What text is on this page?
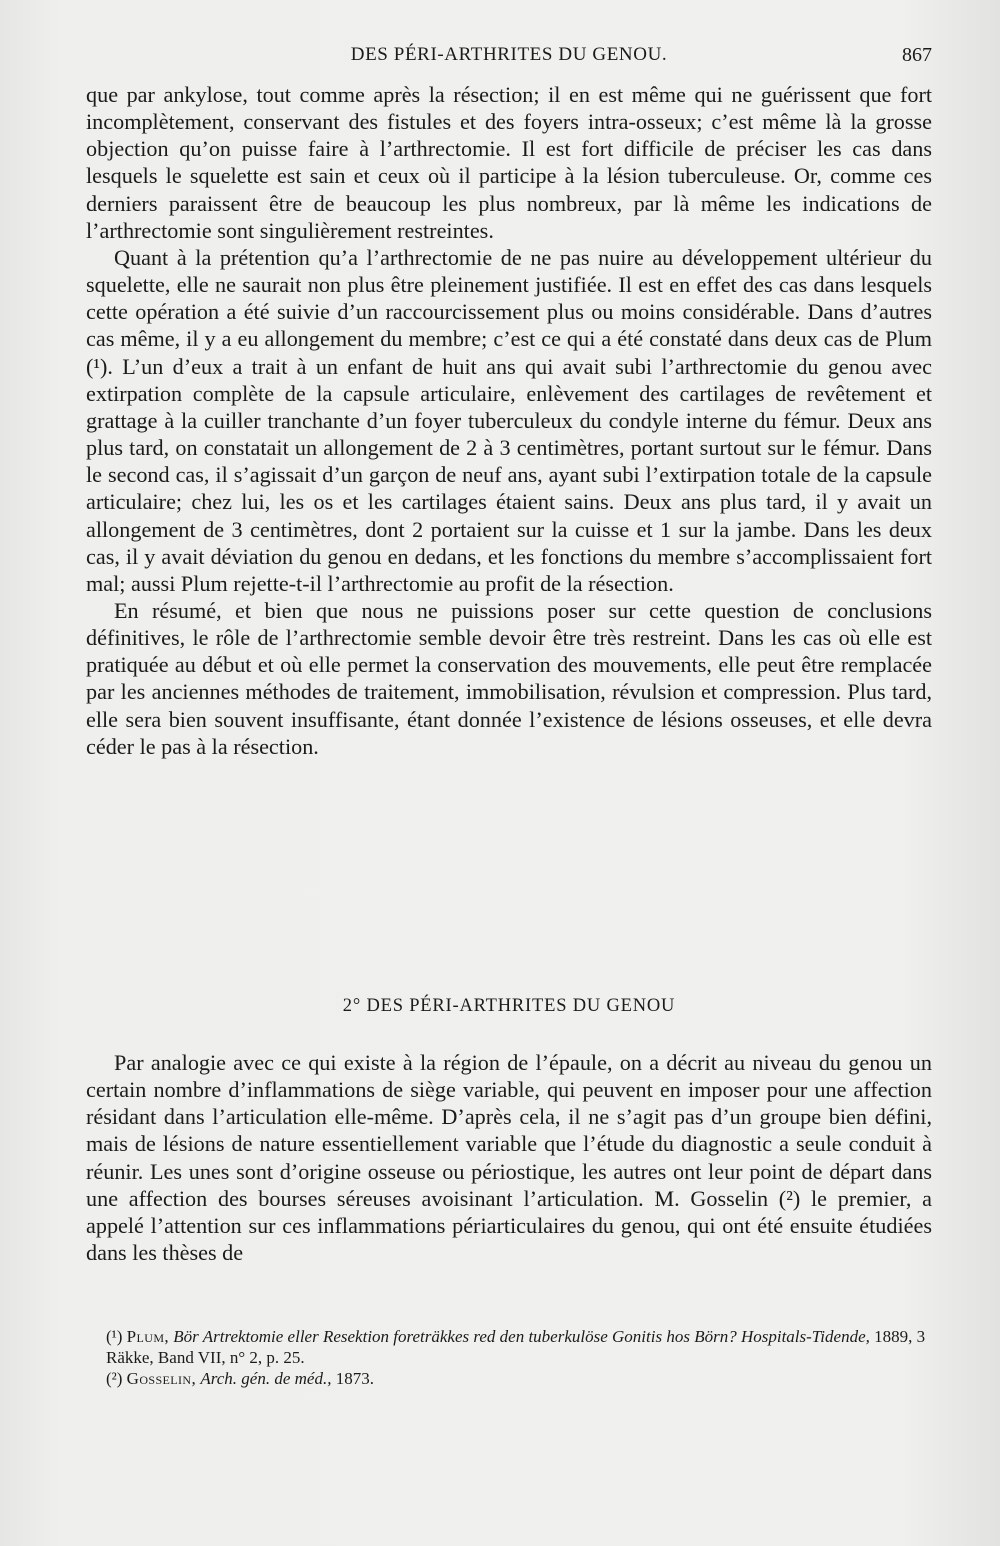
DES PÉRI-ARTHRITES DU GENOU.	867

que par ankylose, tout comme après la résection; il en est même qui ne guérissent que fort incomplètement, conservant des fistules et des foyers intra-osseux; c’est même là la grosse objection qu’on puisse faire à l’arthrectomie. Il est fort difficile de préciser les cas dans lesquels le squelette est sain et ceux où il participe à la lésion tuberculeuse. Or, comme ces derniers paraissent être de beaucoup les plus nombreux, par là même les indications de l’arthrectomie sont singulièrement restreintes.

Quant à la prétention qu’a l’arthrectomie de ne pas nuire au développement ultérieur du squelette, elle ne saurait non plus être pleinement justifiée. Il est en effet des cas dans lesquels cette opération a été suivie d’un raccourcissement plus ou moins considérable. Dans d’autres cas même, il y a eu allongement du membre; c’est ce qui a été constaté dans deux cas de Plum (¹). L’un d’eux a trait à un enfant de huit ans qui avait subi l’arthrectomie du genou avec extirpation complète de la capsule articulaire, enlèvement des cartilages de revêtement et grattage à la cuiller tranchante d’un foyer tuberculeux du condyle interne du fémur. Deux ans plus tard, on constatait un allongement de 2 à 3 centimètres, portant surtout sur le fémur. Dans le second cas, il s’agissait d’un garçon de neuf ans, ayant subi l’extirpation totale de la capsule articulaire; chez lui, les os et les cartilages étaient sains. Deux ans plus tard, il y avait un allongement de 3 centimètres, dont 2 portaient sur la cuisse et 1 sur la jambe. Dans les deux cas, il y avait déviation du genou en dedans, et les fonctions du membre s’accomplissaient fort mal; aussi Plum rejette-t-il l’arthrectomie au profit de la résection.

En résumé, et bien que nous ne puissions poser sur cette question de conclusions définitives, le rôle de l’arthrectomie semble devoir être très restreint. Dans les cas où elle est pratiquée au début et où elle permet la conservation des mouvements, elle peut être remplacée par les anciennes méthodes de traitement, immobilisation, révulsion et compression. Plus tard, elle sera bien souvent insuffisante, étant donnée l’existence de lésions osseuses, et elle devra céder le pas à la résection.

2° DES PÉRI-ARTHRITES DU GENOU

Par analogie avec ce qui existe à la région de l’épaule, on a décrit au niveau du genou un certain nombre d’inflammations de siège variable, qui peuvent en imposer pour une affection résidant dans l’articulation elle-même. D’après cela, il ne s’agit pas d’un groupe bien défini, mais de lésions de nature essentiellement variable que l’étude du diagnostic a seule conduit à réunir. Les unes sont d’origine osseuse ou périostique, les autres ont leur point de départ dans une affection des bourses séreuses avoisinant l’articulation. M. Gosselin (²) le premier, a appelé l’attention sur ces inflammations périarticulaires du genou, qui ont été ensuite étudiées dans les thèses de

(¹) Plum, Bör Artrektomie eller Resektion foreträkkes red den tuberkulöse Gonitis hos Börn? Hospitals-Tidende, 1889, 3 Räkke, Band VII, n° 2, p. 25.

(²) Gosselin, Arch. gén. de méd., 1873.
